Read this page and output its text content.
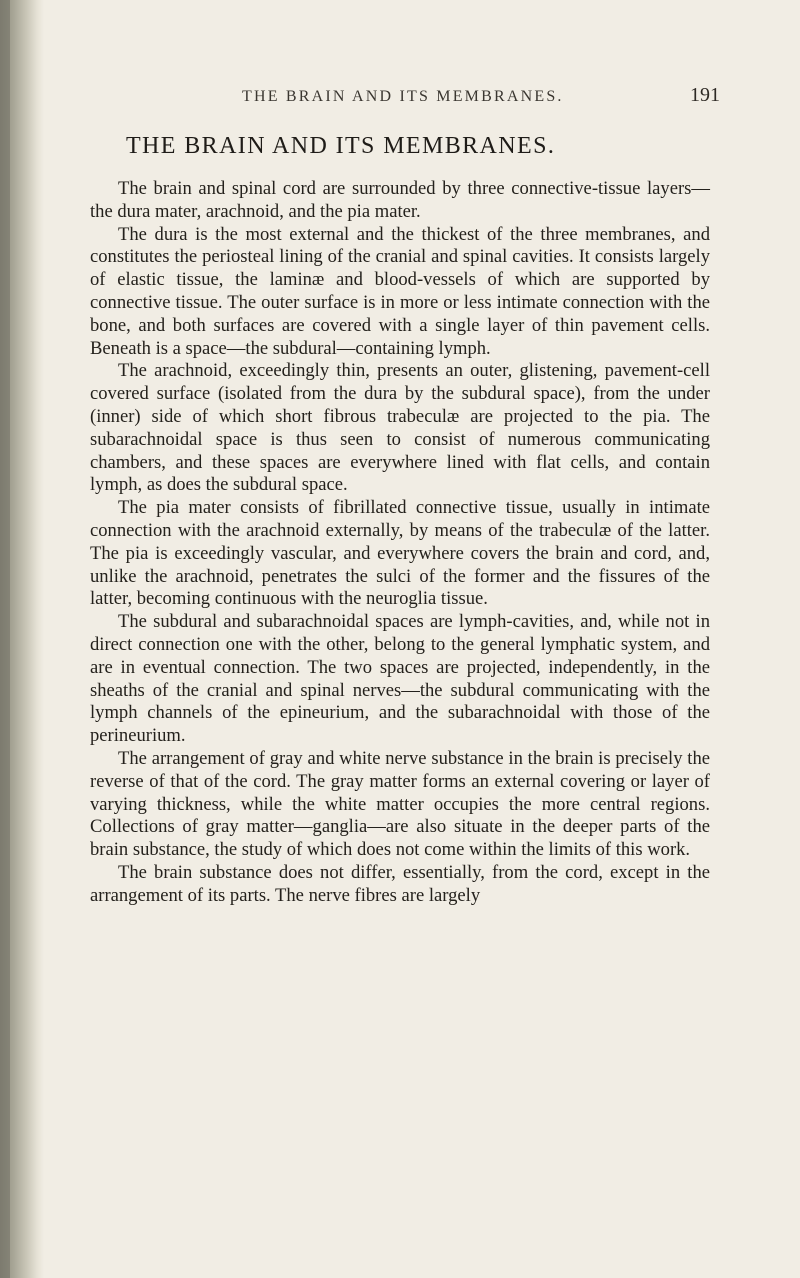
THE BRAIN AND ITS MEMBRANES.	191
THE BRAIN AND ITS MEMBRANES.

The brain and spinal cord are surrounded by three connective-tissue layers—the dura mater, arachnoid, and the pia mater.

The dura is the most external and the thickest of the three membranes, and constitutes the periosteal lining of the cranial and spinal cavities. It consists largely of elastic tissue, the laminæ and blood-vessels of which are supported by connective tissue. The outer surface is in more or less intimate connection with the bone, and both surfaces are covered with a single layer of thin pavement cells. Beneath is a space—the subdural—containing lymph.

The arachnoid, exceedingly thin, presents an outer, glistening, pavement-cell covered surface (isolated from the dura by the subdural space), from the under (inner) side of which short fibrous trabeculæ are projected to the pia. The subarachnoidal space is thus seen to consist of numerous communicating chambers, and these spaces are everywhere lined with flat cells, and contain lymph, as does the subdural space.

The pia mater consists of fibrillated connective tissue, usually in intimate connection with the arachnoid externally, by means of the trabeculæ of the latter. The pia is exceedingly vascular, and everywhere covers the brain and cord, and, unlike the arachnoid, penetrates the sulci of the former and the fissures of the latter, becoming continuous with the neuroglia tissue.

The subdural and subarachnoidal spaces are lymph-cavities, and, while not in direct connection one with the other, belong to the general lymphatic system, and are in eventual connection. The two spaces are projected, independently, in the sheaths of the cranial and spinal nerves—the subdural communicating with the lymph channels of the epineurium, and the subarachnoidal with those of the perineurium.

The arrangement of gray and white nerve substance in the brain is precisely the reverse of that of the cord. The gray matter forms an external covering or layer of varying thickness, while the white matter occupies the more central regions. Collections of gray matter—ganglia—are also situate in the deeper parts of the brain substance, the study of which does not come within the limits of this work.

The brain substance does not differ, essentially, from the cord, except in the arrangement of its parts. The nerve fibres are largely
